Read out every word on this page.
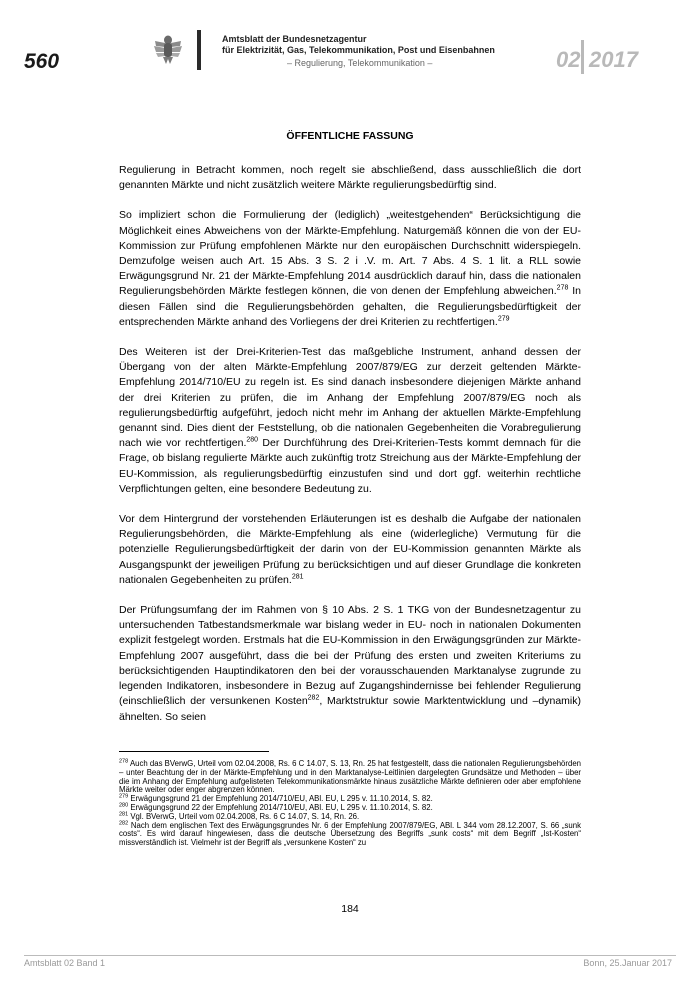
560
Amtsblatt der Bundesnetzagentur
für Elektrizität, Gas, Telekommunikation, Post und Eisenbahnen
– Regulierung, Telekommunikation –	02 2017
ÖFFENTLICHE FASSUNG

Regulierung in Betracht kommen, noch regelt sie abschließend, dass ausschließlich die dort genannten Märkte und nicht zusätzlich weitere Märkte regulierungsbedürftig sind.

So impliziert schon die Formulierung der (lediglich) „weitestgehenden“ Berücksichtigung die Möglichkeit eines Abweichens von der Märkte-Empfehlung. Naturgemäß können die von der EU-Kommission zur Prüfung empfohlenen Märkte nur den europäischen Durchschnitt widerspiegeln. Demzufolge weisen auch Art. 15 Abs. 3 S. 2 i .V. m. Art. 7 Abs. 4 S. 1 lit. a RLL sowie Erwägungsgrund Nr. 21 der Märkte-Empfehlung 2014 ausdrücklich darauf hin, dass die nationalen Regulierungsbehörden Märkte festlegen können, die von denen der Empfehlung abweichen.$^{278}$ In diesen Fällen sind die Regulierungsbehörden gehalten, die Regulierungsbedürftigkeit der entsprechenden Märkte anhand des Vorliegens der drei Kriterien zu rechtfertigen.$^{279}$

Des Weiteren ist der Drei-Kriterien-Test das maßgebliche Instrument, anhand dessen der Übergang von der alten Märkte-Empfehlung 2007/879/EG zur derzeit geltenden Märkte-Empfehlung 2014/710/EU zu regeln ist. Es sind danach insbesondere diejenigen Märkte anhand der drei Kriterien zu prüfen, die im Anhang der Empfehlung 2007/879/EG noch als regulierungsbedürftig aufgeführt, jedoch nicht mehr im Anhang der aktuellen Märkte-Empfehlung genannt sind. Dies dient der Feststellung, ob die nationalen Gegebenheiten die Vorabregulierung nach wie vor rechtfertigen.$^{280}$ Der Durchführung des Drei-Kriterien-Tests kommt demnach für die Frage, ob bislang regulierte Märkte auch zukünftig trotz Streichung aus der Märkte-Empfehlung der EU-Kommission, als regulierungsbedürftig einzustufen sind und dort ggf. weiterhin rechtliche Verpflichtungen gelten, eine besondere Bedeutung zu.

Vor dem Hintergrund der vorstehenden Erläuterungen ist es deshalb die Aufgabe der nationalen Regulierungsbehörden, die Märkte-Empfehlung als eine (widerlegliche) Vermutung für die potenzielle Regulierungsbedürftigkeit der darin von der EU-Kommission genannten Märkte als Ausgangspunkt der jeweiligen Prüfung zu berücksichtigen und auf dieser Grundlage die konkreten nationalen Gegebenheiten zu prüfen.$^{281}$

Der Prüfungsumfang der im Rahmen von § 10 Abs. 2 S. 1 TKG von der Bundesnetzagentur zu untersuchenden Tatbestandsmerkmale war bislang weder in EU- noch in nationalen Dokumenten explizit festgelegt worden. Erstmals hat die EU-Kommission in den Erwägungsgründen zur Märkte-Empfehlung 2007 ausgeführt, dass die bei der Prüfung des ersten und zweiten Kriteriums zu berücksichtigenden Hauptindikatoren den bei der vorausschauenden Marktanalyse zugrunde zu legenden Indikatoren, insbesondere in Bezug auf Zugangshindernisse bei fehlender Regulierung (einschließlich der versunkenen Kosten$^{282}$, Marktstruktur sowie Marktentwicklung und –dynamik) ähnelten. So seien

$^{278}$ Auch das BVerwG, Urteil vom 02.04.2008, Rs. 6 C 14.07, S. 13, Rn. 25 hat festgestellt, dass die nationalen Regulierungsbehörden – unter Beachtung der in der Märkte-Empfehlung und in den Marktanalyse-Leitlinien dargelegten Grundsätze und Methoden – über die im Anhang der Empfehlung aufgelisteten Telekommunikationsmärkte hinaus zusätzliche Märkte definieren oder aber empfohlene Märkte weiter oder enger abgrenzen können.
$^{279}$ Erwägungsgrund 21 der Empfehlung 2014/710/EU, ABl. EU, L 295 v. 11.10.2014, S. 82.
$^{280}$ Erwägungsgrund 22 der Empfehlung 2014/710/EU, ABl. EU, L 295 v. 11.10.2014, S. 82.
$^{281}$ Vgl. BVerwG, Urteil vom 02.04.2008, Rs. 6 C 14.07, S. 14, Rn. 26.
$^{282}$ Nach dem englischen Text des Erwägungsgrundes Nr. 6 der Empfehlung 2007/879/EG, ABl. L 344 vom 28.12.2007, S. 66 „sunk costs“. Es wird darauf hingewiesen, dass die deutsche Übersetzung des Begriffs „sunk costs“ mit dem Begriff „Ist-Kosten“ missverständlich ist. Vielmehr ist der Begriff als „versunkene Kosten“ zu
184
Amtsblatt 02 Band 1	Bonn, 25.Januar 2017
